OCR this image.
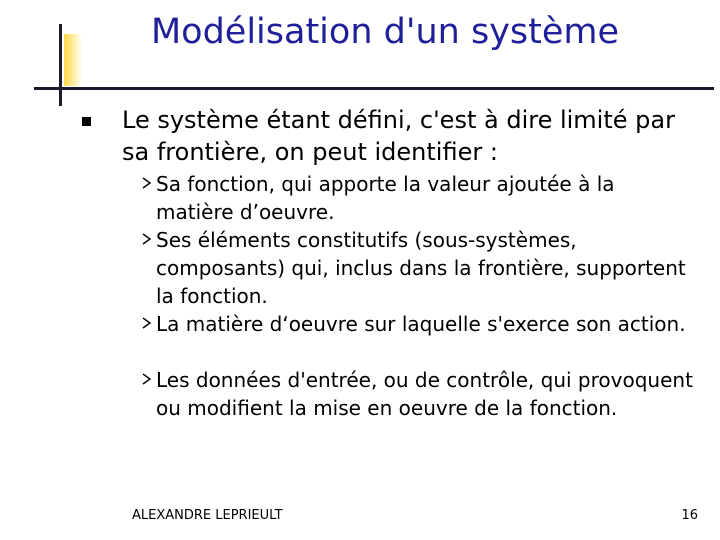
Modélisation d'un système
Le système étant défini, c'est à dire limité par sa frontière, on peut identifier :
Sa fonction, qui apporte la valeur ajoutée à la matière d’oeuvre.
Ses éléments constitutifs (sous-systèmes, composants) qui, inclus dans la frontière, supportent la fonction.
La matière d‘oeuvre sur laquelle s'exerce son action.
Les données d'entrée, ou de contrôle, qui provoquent ou modifient la mise en oeuvre de la fonction.
ALEXANDRE LEPRIEULT	16
